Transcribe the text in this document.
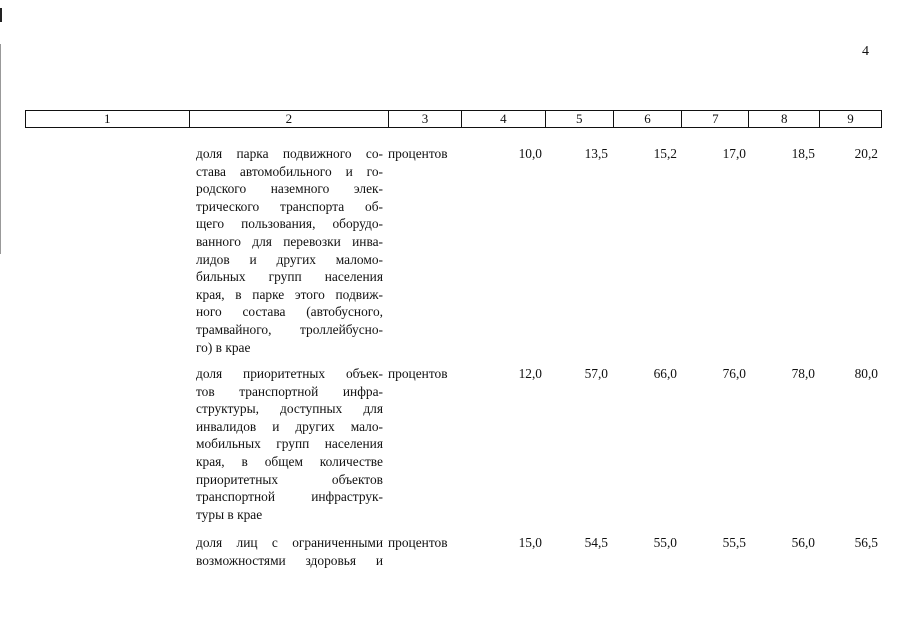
4
1	2	3	4	5	6	7	8	9
доля парка подвижного со-
става автомобильного и го-
родского наземного элек-
трического транспорта об-
щего пользования, оборудо-
ванного для перевозки инва-
лидов и других маломо-
бильных групп населения
края, в парке этого подвиж-
ного состава (автобусного,
трамвайного, троллейбусно-
го) в крае
процентов	10,0	13,5	15,2	17,0	18,5	20,2
доля приоритетных объек-
тов транспортной инфра-
структуры, доступных для
инвалидов и других мало-
мобильных групп населения
края, в общем количестве
приоритетных объектов
транспортной инфраструк-
туры в крае
процентов	12,0	57,0	66,0	76,0	78,0	80,0
доля лиц с ограниченными
возможностями здоровья и
процентов	15,0	54,5	55,0	55,5	56,0	56,5
